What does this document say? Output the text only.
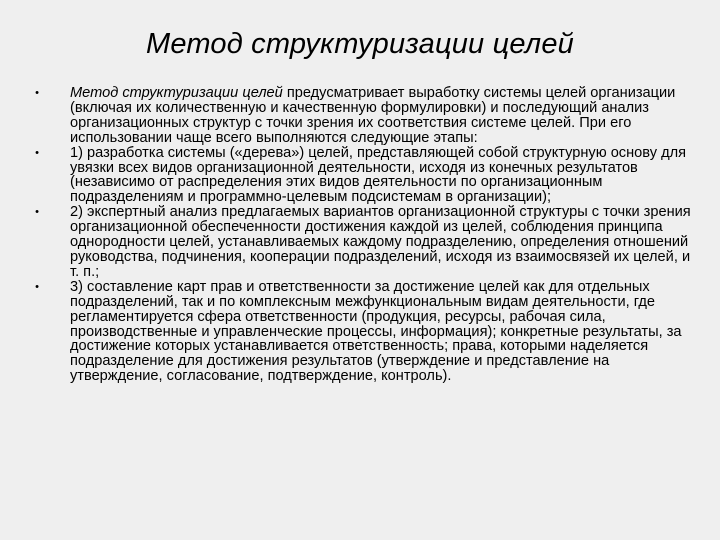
Метод структуризации целей
• Метод структуризации целей предусматривает выработку системы целей организации (включая их количественную и качественную формулировки) и последующий анализ организационных структур с точки зрения их соответствия системе целей. При его использовании чаще всего выполняются следующие этапы:
• 1) разработка системы («дерева») целей, представляющей собой структурную основу для увязки всех видов организационной деятельности, исходя из конечных результатов (независимо от распределения этих видов деятельности по организационным подразделениям и программно-целевым подсистемам в организации);
• 2) экспертный анализ предлагаемых вариантов организационной структуры с точки зрения организационной обеспеченности достижения каждой из целей, соблюдения принципа однородности целей, устанавливаемых каждому подразделению, определения отношений руководства, подчинения, кооперации подразделений, исходя из взаимосвязей их целей, и т. п.;
• 3) составление карт прав и ответственности за достижение целей как для отдельных подразделений, так и по комплексным межфункциональным видам деятельности, где регламентируется сфера ответственности (продукция, ресурсы, рабочая сила, производственные и управленческие процессы, информация); конкретные результаты, за достижение которых устанавливается ответственность; права, которыми наделяется подразделение для достижения результатов (утверждение и представление на утверждение, согласование, подтверждение, контроль).
